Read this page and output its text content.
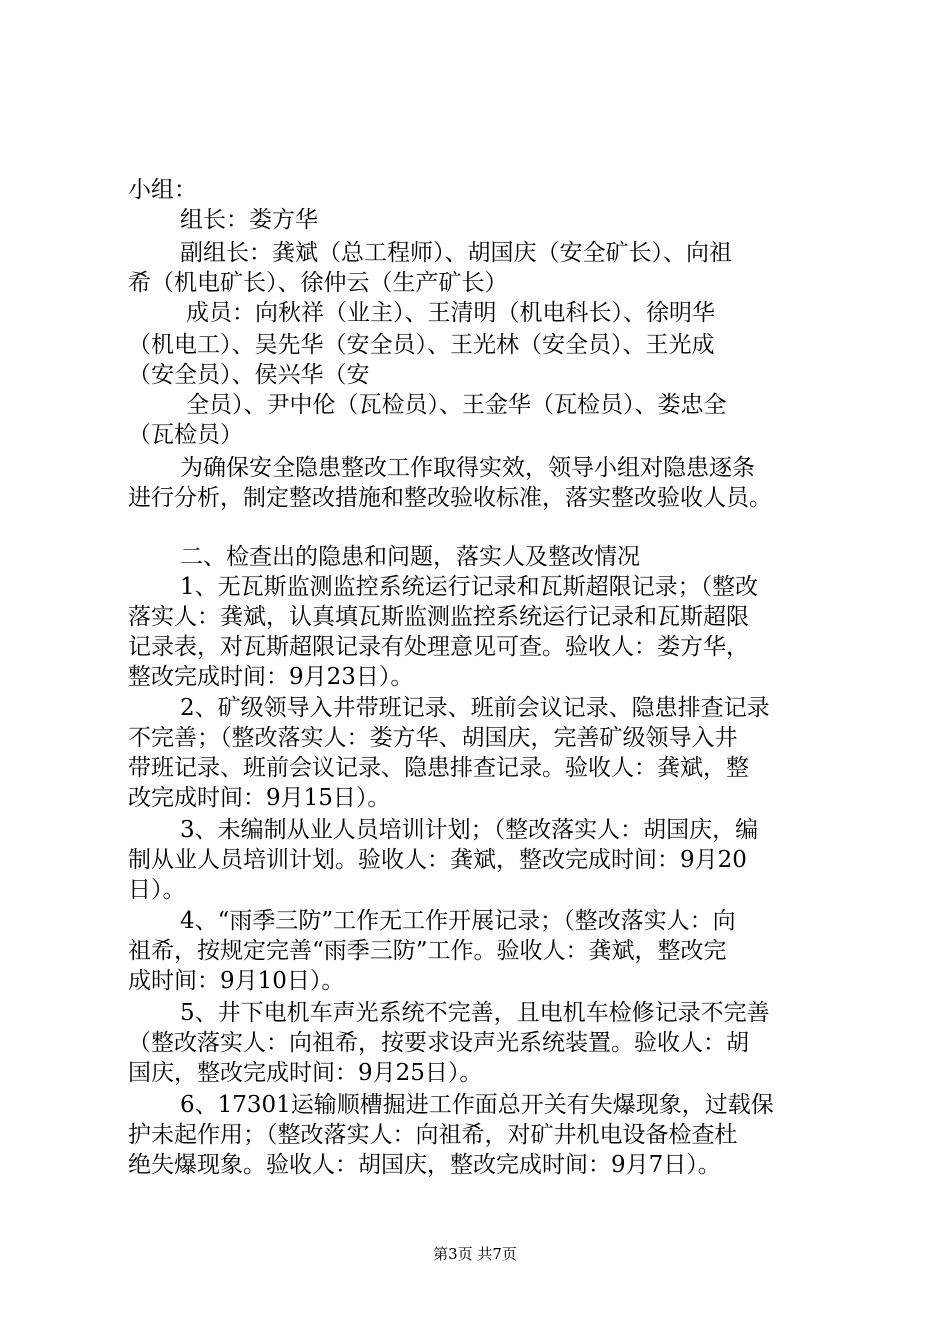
小组：
组长：娄方华
副组长：龚斌（总工程师）、胡国庆（安全矿长）、向祖
希（机电矿长）、徐仲云（生产矿长）
成员：向秋祥（业主）、王清明（机电科长）、徐明华
（机电工）、吴先华（安全员）、王光林（安全员）、王光成
（安全员）、侯兴华（安
全员）、尹中伦（瓦检员）、王金华（瓦检员）、娄忠全
（瓦检员）
为确保安全隐患整改工作取得实效，领导小组对隐患逐条
进行分析，制定整改措施和整改验收标准，落实整改验收人员。
二、检查出的隐患和问题，落实人及整改情况
1、无瓦斯监测监控系统运行记录和瓦斯超限记录；（整改
落实人：龚斌，认真填瓦斯监测监控系统运行记录和瓦斯超限
记录表，对瓦斯超限记录有处理意见可查。验收人：娄方华，
整改完成时间：9月23日）。
2、矿级领导入井带班记录、班前会议记录、隐患排查记录
不完善；（整改落实人：娄方华、胡国庆，完善矿级领导入井
带班记录、班前会议记录、隐患排查记录。验收人：龚斌，整
改完成时间：9月15日）。
3、未编制从业人员培训计划；（整改落实人：胡国庆，编
制从业人员培训计划。验收人：龚斌，整改完成时间：9月20
日）。
4、“雨季三防”工作无工作开展记录；（整改落实人：向
祖希，按规定完善“雨季三防”工作。验收人：龚斌，整改完
成时间：9月10日）。
5、井下电机车声光系统不完善，且电机车检修记录不完善
（整改落实人：向祖希，按要求设声光系统装置。验收人：胡
国庆，整改完成时间：9月25日）。
6、17301运输顺槽掘进工作面总开关有失爆现象，过载保
护未起作用；（整改落实人：向祖希，对矿井机电设备检查杜
绝失爆现象。验收人：胡国庆，整改完成时间：9月7日）。
第3页 共7页
